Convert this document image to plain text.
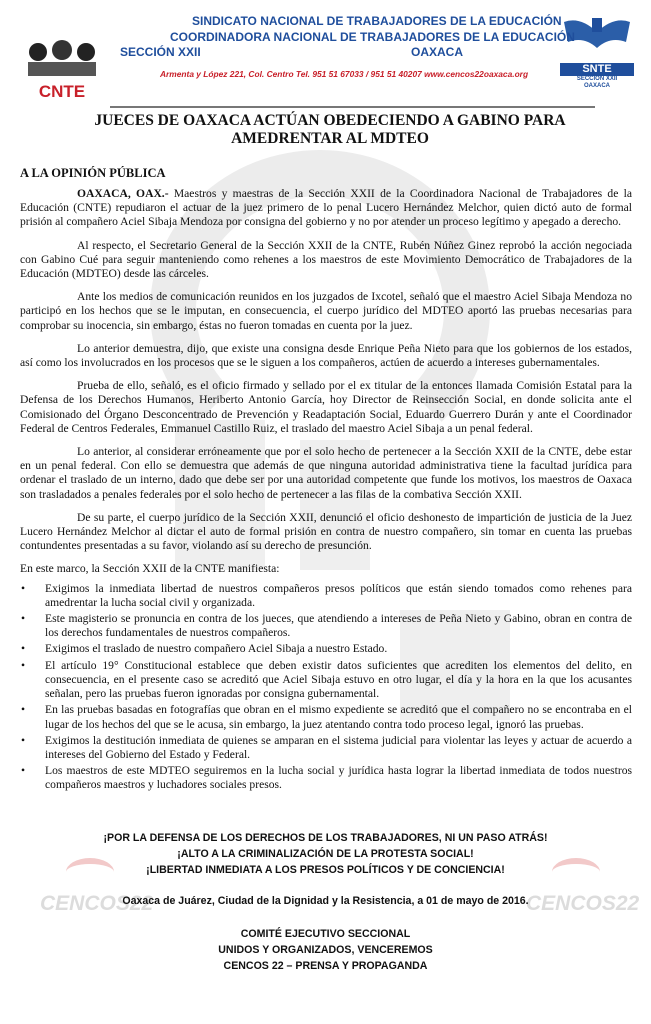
CNTE
SNTE
SECCIÓN XXII
OAXACA
SINDICATO NACIONAL DE TRABAJADORES DE LA EDUCACIÓN
COORDINADORA NACIONAL DE TRABAJADORES DE LA EDUCACIÓN
SECCIÓN XXII	OAXACA
Armenta y López 221, Col. Centro Tel. 951 51 67033 / 951 51 40207 www.cencos22oaxaca.org
JUECES DE OAXACA ACTÚAN OBEDECIENDO A GABINO PARA
AMEDRENTAR AL MDTEO
A LA OPINIÓN PÚBLICA

OAXACA, OAX.- Maestros y maestras de la Sección XXII de la Coordinadora Nacional de Trabajadores de la Educación (CNTE) repudiaron el actuar de la juez primero de lo penal Lucero Hernández Melchor, quien dictó auto de formal prisión al compañero Aciel Sibaja Mendoza por consigna del gobierno y no por atender un proceso legítimo y apegado a derecho.

Al respecto, el Secretario General de la Sección XXII de la CNTE, Rubén Núñez Ginez reprobó la acción negociada con Gabino Cué para seguir manteniendo como rehenes a los maestros de este Movimiento Democrático de Trabajadores de la Educación (MDTEO) desde las cárceles.

Ante los medios de comunicación reunidos en los juzgados de Ixcotel, señaló que el maestro Aciel Sibaja Mendoza no participó en los hechos que se le imputan, en consecuencia, el cuerpo jurídico del MDTEO aportó las pruebas necesarias para comprobar su inocencia, sin embargo, éstas no fueron tomadas en cuenta por la juez.

Lo anterior demuestra, dijo, que existe una consigna desde Enrique Peña Nieto para que los gobiernos de los estados, así como los involucrados en los procesos que se le siguen a los compañeros, actúen de acuerdo a intereses gubernamentales.

Prueba de ello, señaló, es el oficio firmado y sellado por el ex titular de la entonces llamada Comisión Estatal para la Defensa de los Derechos Humanos, Heriberto Antonio García, hoy Director de Reinsección Social, en donde solicita ante el Comisionado del Órgano Desconcentrado de Prevención y Readaptación Social, Eduardo Guerrero Durán y ante el Coordinador Federal de Centros Federales, Emmanuel Castillo Ruiz, el traslado del maestro Aciel Sibaja a un penal federal.

Lo anterior, al considerar erróneamente que por el solo hecho de pertenecer a la Sección XXII de la CNTE, debe estar en un penal federal. Con ello se demuestra que además de que ninguna autoridad administrativa tiene la facultad jurídica para ordenar el traslado de un interno, dado que debe ser por una autoridad competente que funde los motivos, los maestros de Oaxaca son trasladados a penales federales por el solo hecho de pertenecer a las filas de la combativa Sección XXII.

De su parte, el cuerpo jurídico de la Sección XXII, denunció el oficio deshonesto de impartición de justicia de la Juez Lucero Hernández Melchor al dictar el auto de formal prisión en contra de nuestro compañero, sin tomar en cuenta las pruebas contundentes presentadas a su favor, violando así su derecho de presunción.

En este marco, la Sección XXII de la CNTE manifiesta:

• Exigimos la inmediata libertad de nuestros compañeros presos políticos que están siendo tomados como rehenes para amedrentar la lucha social civil y organizada.
• Este magisterio se pronuncia en contra de los jueces, que atendiendo a intereses de Peña Nieto y Gabino, obran en contra de los derechos fundamentales de nuestros compañeros.
• Exigimos el traslado de nuestro compañero Aciel Sibaja a nuestro Estado.
• El artículo 19° Constitucional establece que deben existir datos suficientes que acrediten los elementos del delito, en consecuencia, en el presente caso se acreditó que Aciel Sibaja estuvo en otro lugar, el día y la hora en la que los acusantes señalan, pero las pruebas fueron ignoradas por consigna gubernamental.
• En las pruebas basadas en fotografías que obran en el mismo expediente se acreditó que el compañero no se encontraba en el lugar de los hechos del que se le acusa, sin embargo, la juez atentando contra todo proceso legal, ignoró las pruebas.
• Exigimos la destitución inmediata de quienes se amparan en el sistema judicial para violentar las leyes y actuar de acuerdo a intereses del Gobierno del Estado y Federal.
• Los maestros de este MDTEO seguiremos en la lucha social y jurídica hasta lograr la libertad inmediata de todos nuestros compañeros maestros y luchadores sociales presos.
CENCOS22	CENCOS22
¡POR LA DEFENSA DE LOS DERECHOS DE LOS TRABAJADORES, NI UN PASO ATRÁS!
¡ALTO A LA CRIMINALIZACIÓN DE LA PROTESTA SOCIAL!
¡LIBERTAD INMEDIATA A LOS PRESOS POLÍTICOS Y DE CONCIENCIA!
Oaxaca de Juárez, Ciudad de la Dignidad y la Resistencia, a 01 de mayo de 2016.
COMITÉ EJECUTIVO SECCIONAL
UNIDOS Y ORGANIZADOS, VENCEREMOS
CENCOS 22 – PRENSA Y PROPAGANDA
